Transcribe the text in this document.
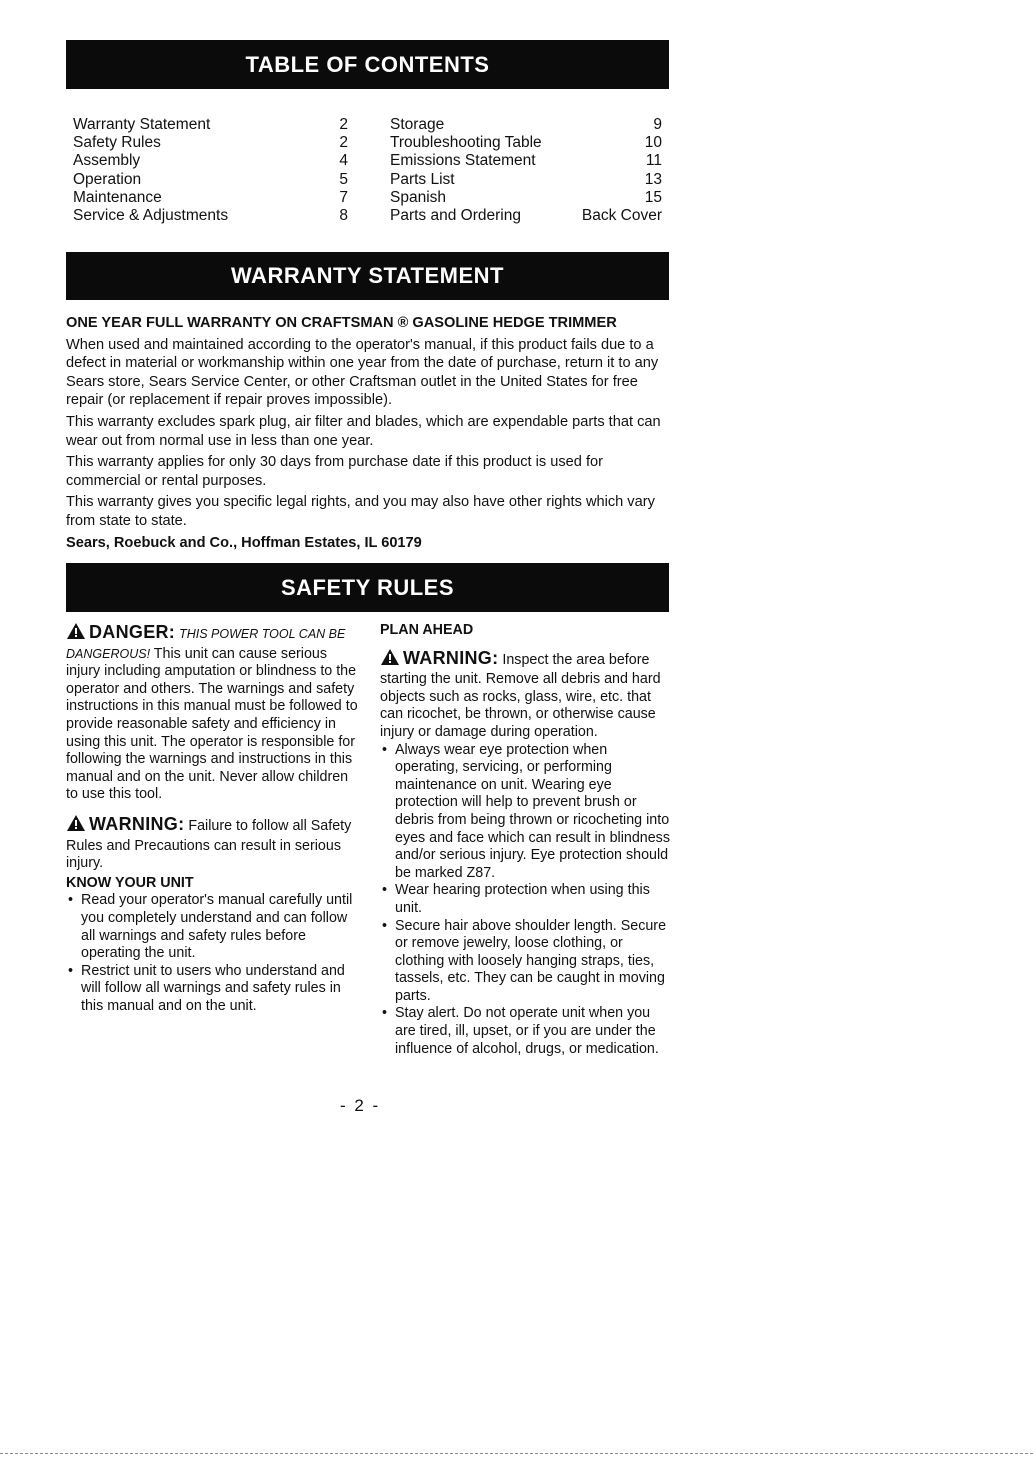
TABLE OF CONTENTS
Warranty Statement	2
Safety Rules	2
Assembly	4
Operation	5
Maintenance	7
Service & Adjustments	8
Storage	9
Troubleshooting Table	10
Emissions Statement	11
Parts List	13
Spanish	15
Parts and Ordering	Back Cover
WARRANTY STATEMENT

ONE YEAR FULL WARRANTY ON CRAFTSMAN ® GASOLINE HEDGE TRIMMER

When used and maintained according to the operator's manual, if this product fails due to a defect in material or workmanship within one year from the date of purchase, return it to any Sears store, Sears Service Center, or other Craftsman outlet in the United States for free repair (or replacement if repair proves impossible).

This warranty excludes spark plug, air filter and blades, which are expendable parts that can wear out from normal use in less than one year.

This warranty applies for only 30 days from purchase date if this product is used for commercial or rental purposes.

This warranty gives you specific legal rights, and you may also have other rights which vary from state to state.

Sears, Roebuck and Co., Hoffman Estates, IL 60179

SAFETY RULES

DANGER: THIS POWER TOOL CAN BE DANGEROUS! This unit can cause serious injury including amputation or blindness to the operator and others. The warnings and safety instructions in this manual must be followed to provide reasonable safety and efficiency in using this unit. The operator is responsible for following the warnings and instructions in this manual and on the unit. Never allow children to use this tool.

WARNING: Failure to follow all Safety Rules and Precautions can result in serious injury.

KNOW YOUR UNIT

• Read your operator's manual carefully until you completely understand and can follow all warnings and safety rules before operating the unit.
• Restrict unit to users who understand and will follow all warnings and safety rules in this manual and on the unit.

PLAN AHEAD

WARNING: Inspect the area before starting the unit. Remove all debris and hard objects such as rocks, glass, wire, etc. that can ricochet, be thrown, or otherwise cause injury or damage during operation.

• Always wear eye protection when operating, servicing, or performing maintenance on unit. Wearing eye protection will help to prevent brush or debris from being thrown or ricocheting into eyes and face which can result in blindness and/or serious injury. Eye protection should be marked Z87.
• Wear hearing protection when using this unit.
• Secure hair above shoulder length. Secure or remove jewelry, loose clothing, or clothing with loosely hanging straps, ties, tassels, etc. They can be caught in moving parts.
• Stay alert. Do not operate unit when you are tired, ill, upset, or if you are under the influence of alcohol, drugs, or medication.
- 2 -
